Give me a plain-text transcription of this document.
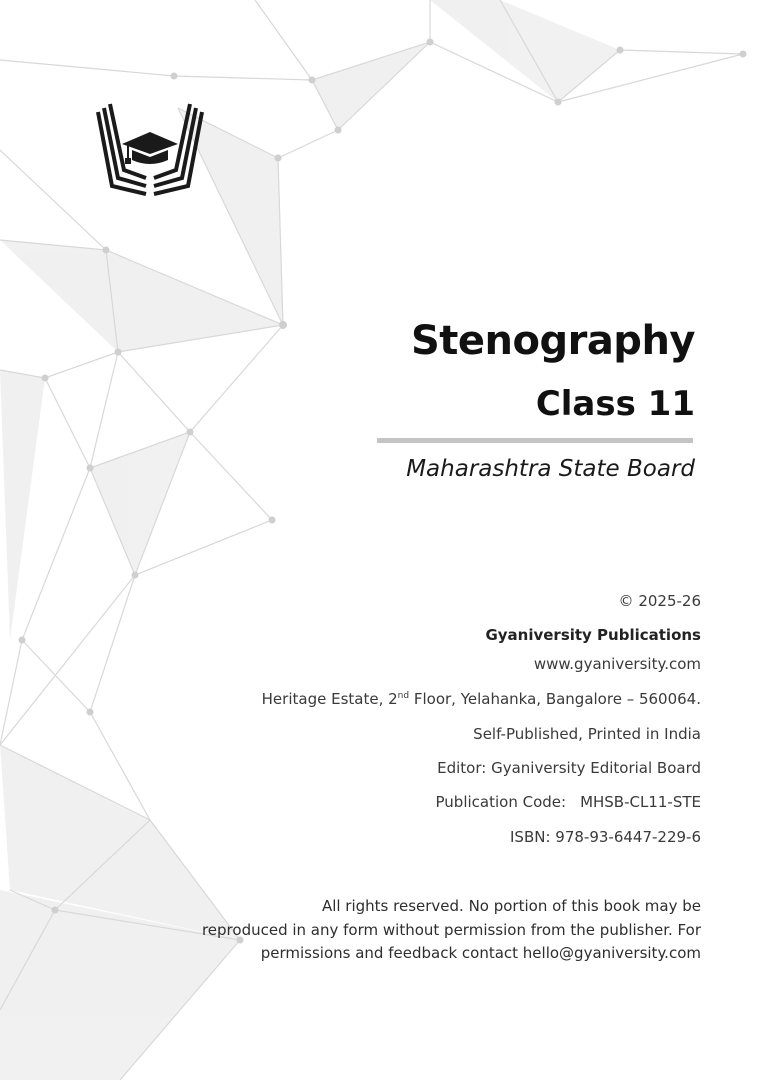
Stenography
Class 11
Maharashtra State Board

© 2025-26

Gyaniversity Publications

www.gyaniversity.com

Heritage Estate, 2nd Floor, Yelahanka, Bangalore – 560064.

Self-Published, Printed in India

Editor: Gyaniversity Editorial Board

Publication Code: MHSB-CL11-STE

ISBN: 978-93-6447-229-6

All rights reserved. No portion of this book may be
reproduced in any form without permission from the publisher. For
permissions and feedback contact hello@gyaniversity.com
